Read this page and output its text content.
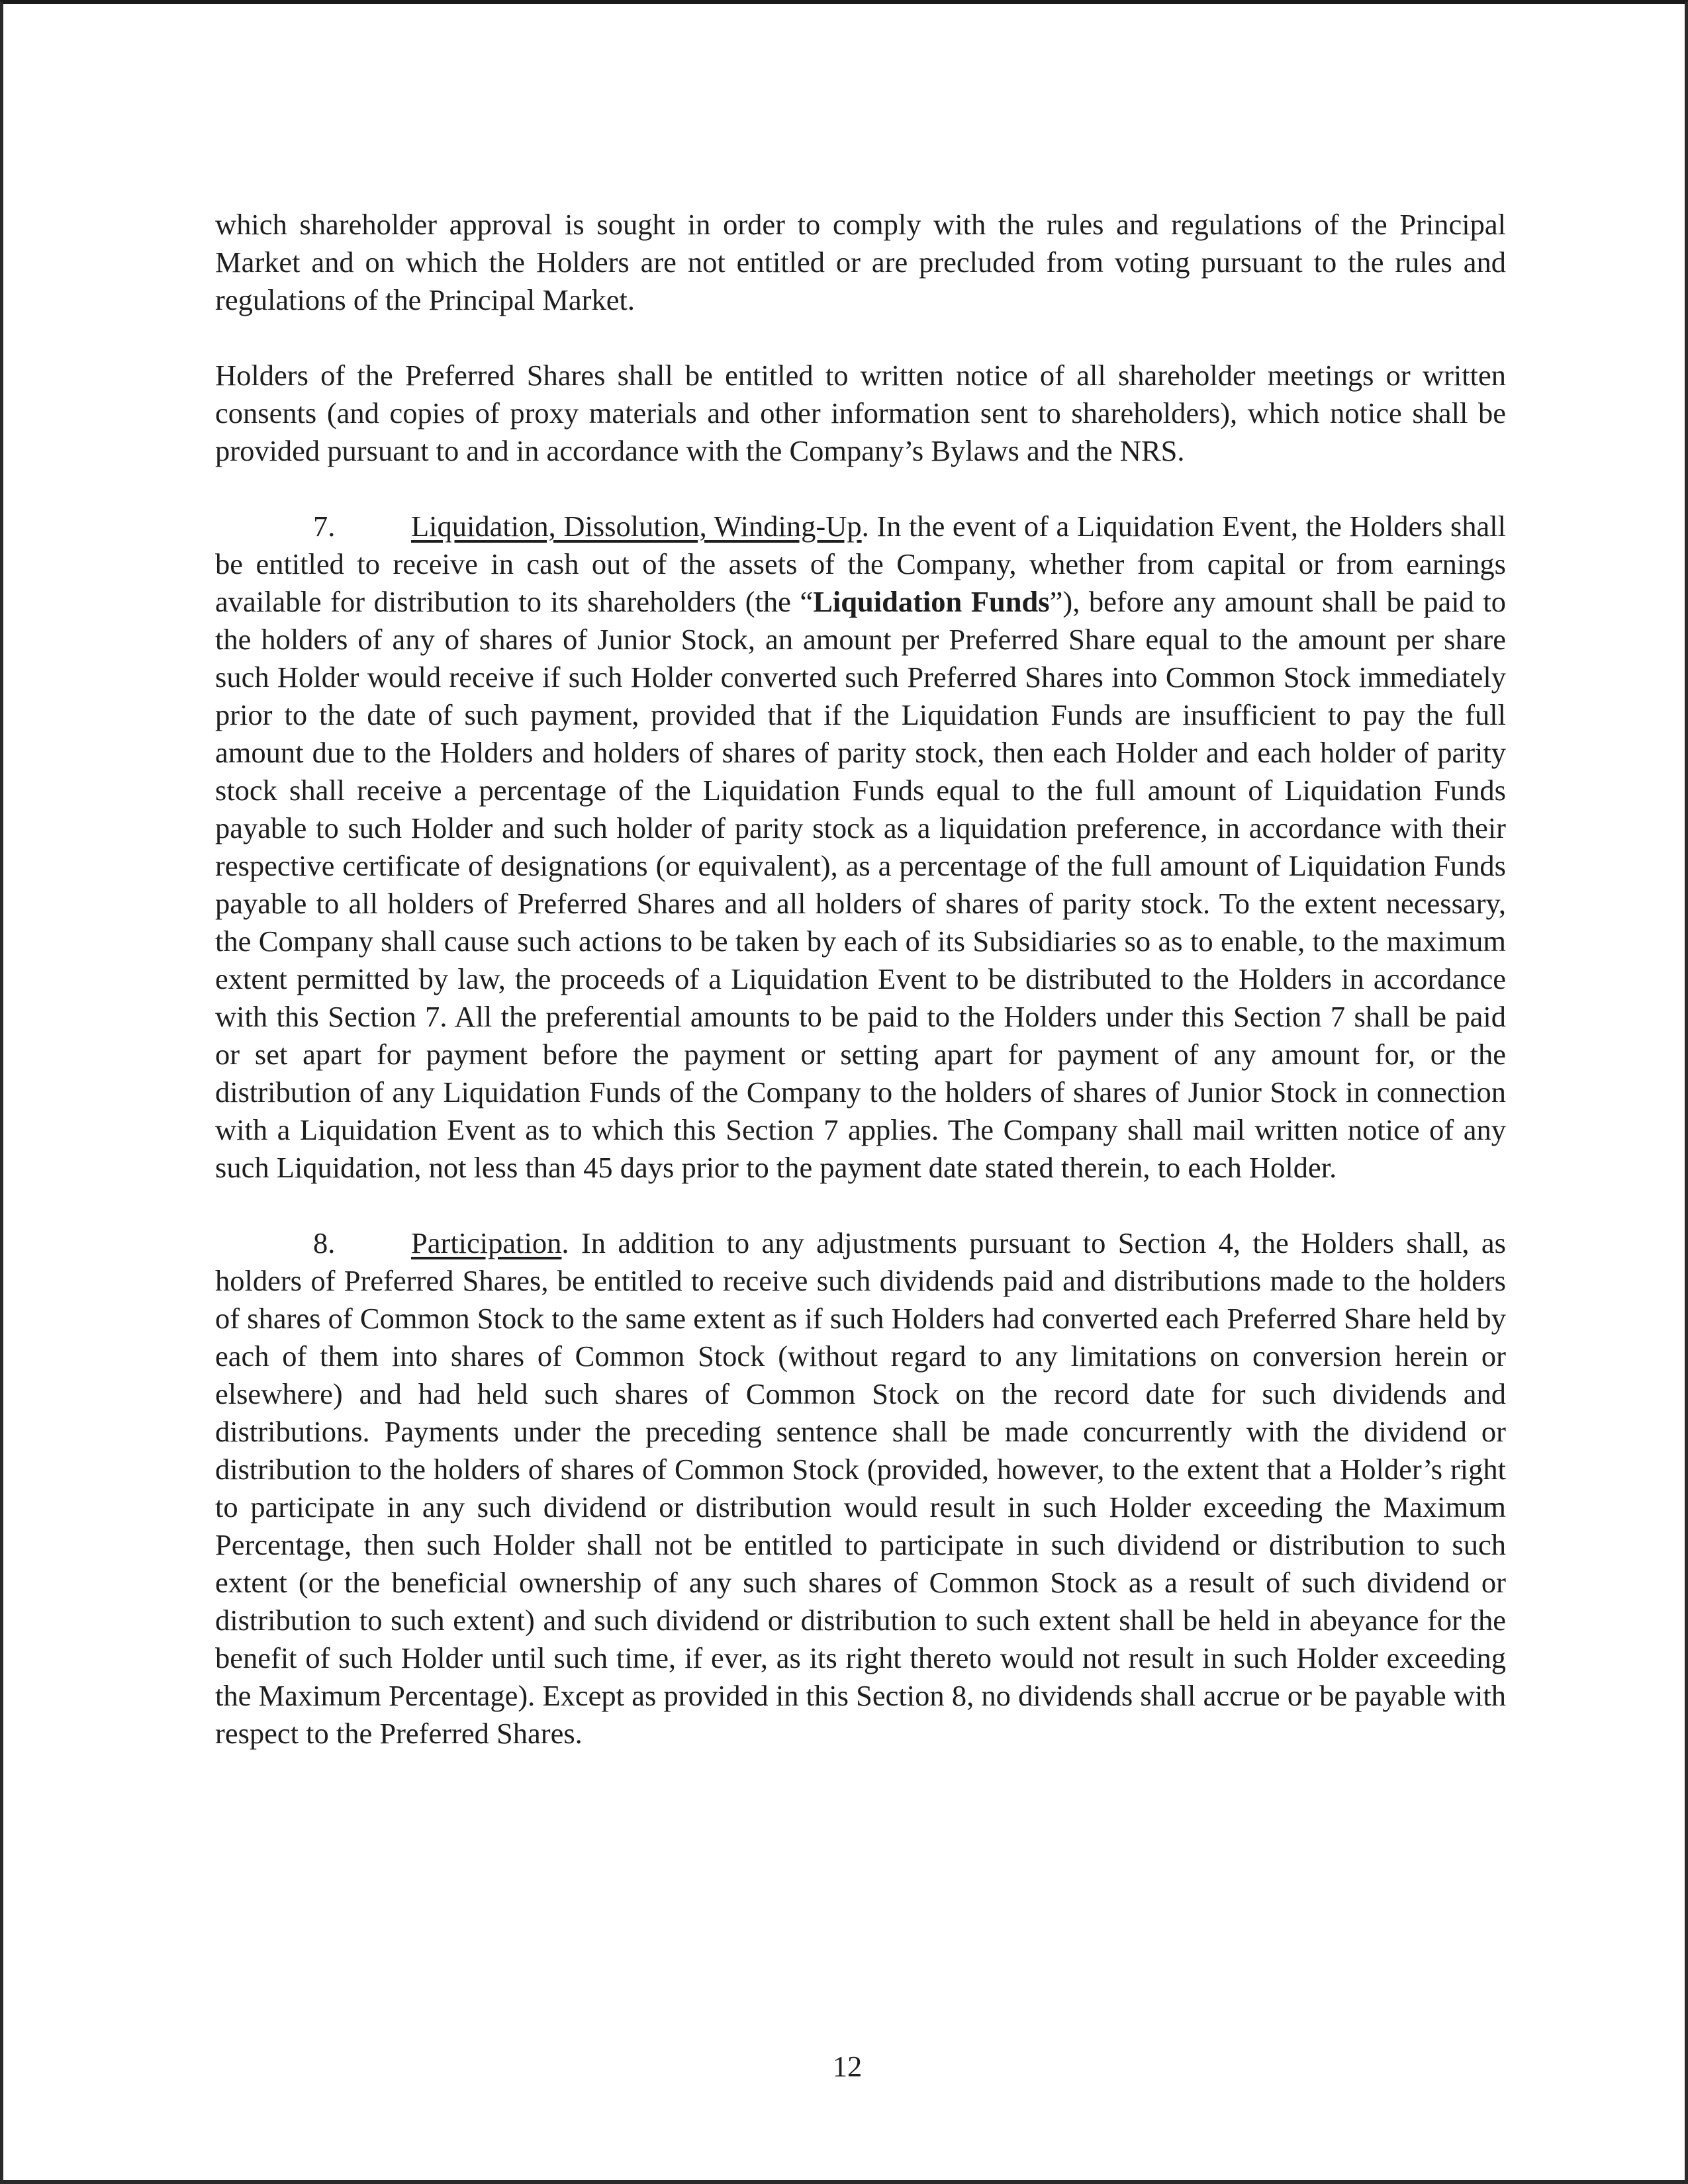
which shareholder approval is sought in order to comply with the rules and regulations of the Principal Market and on which the Holders are not entitled or are precluded from voting pursuant to the rules and regulations of the Principal Market.

Holders of the Preferred Shares shall be entitled to written notice of all shareholder meetings or written consents (and copies of proxy materials and other information sent to shareholders), which notice shall be provided pursuant to and in accordance with the Company’s Bylaws and the NRS.

7.	Liquidation, Dissolution, Winding-Up. In the event of a Liquidation Event, the Holders shall be entitled to receive in cash out of the assets of the Company, whether from capital or from earnings available for distribution to its shareholders (the “Liquidation Funds”), before any amount shall be paid to the holders of any of shares of Junior Stock, an amount per Preferred Share equal to the amount per share such Holder would receive if such Holder converted such Preferred Shares into Common Stock immediately prior to the date of such payment, provided that if the Liquidation Funds are insufficient to pay the full amount due to the Holders and holders of shares of parity stock, then each Holder and each holder of parity stock shall receive a percentage of the Liquidation Funds equal to the full amount of Liquidation Funds payable to such Holder and such holder of parity stock as a liquidation preference, in accordance with their respective certificate of designations (or equivalent), as a percentage of the full amount of Liquidation Funds payable to all holders of Preferred Shares and all holders of shares of parity stock. To the extent necessary, the Company shall cause such actions to be taken by each of its Subsidiaries so as to enable, to the maximum extent permitted by law, the proceeds of a Liquidation Event to be distributed to the Holders in accordance with this Section 7. All the preferential amounts to be paid to the Holders under this Section 7 shall be paid or set apart for payment before the payment or setting apart for payment of any amount for, or the distribution of any Liquidation Funds of the Company to the holders of shares of Junior Stock in connection with a Liquidation Event as to which this Section 7 applies. The Company shall mail written notice of any such Liquidation, not less than 45 days prior to the payment date stated therein, to each Holder.

8.	Participation. In addition to any adjustments pursuant to Section 4, the Holders shall, as holders of Preferred Shares, be entitled to receive such dividends paid and distributions made to the holders of shares of Common Stock to the same extent as if such Holders had converted each Preferred Share held by each of them into shares of Common Stock (without regard to any limitations on conversion herein or elsewhere) and had held such shares of Common Stock on the record date for such dividends and distributions. Payments under the preceding sentence shall be made concurrently with the dividend or distribution to the holders of shares of Common Stock (provided, however, to the extent that a Holder’s right to participate in any such dividend or distribution would result in such Holder exceeding the Maximum Percentage, then such Holder shall not be entitled to participate in such dividend or distribution to such extent (or the beneficial ownership of any such shares of Common Stock as a result of such dividend or distribution to such extent) and such dividend or distribution to such extent shall be held in abeyance for the benefit of such Holder until such time, if ever, as its right thereto would not result in such Holder exceeding the Maximum Percentage). Except as provided in this Section 8, no dividends shall accrue or be payable with respect to the Preferred Shares.

12
